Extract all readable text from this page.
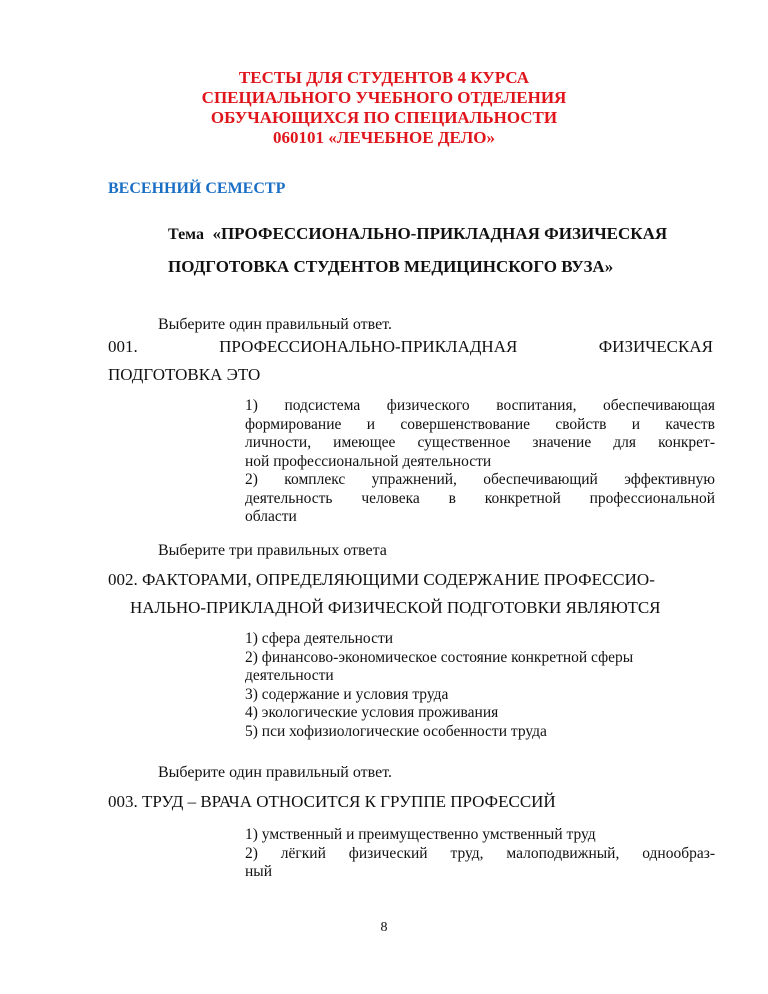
ТЕСТЫ ДЛЯ СТУДЕНТОВ 4 КУРСА
СПЕЦИАЛЬНОГО УЧЕБНОГО ОТДЕЛЕНИЯ
ОБУЧАЮЩИХСЯ ПО СПЕЦИАЛЬНОСТИ
060101 «ЛЕЧЕБНОЕ ДЕЛО»
ВЕСЕННИЙ СЕМЕСТР
Тема «ПРОФЕССИОНАЛЬНО-ПРИКЛАДНАЯ ФИЗИЧЕСКАЯ
ПОДГОТОВКА СТУДЕНТОВ МЕДИЦИНСКОГО ВУЗА»
Выберите один правильный ответ.
001.	ПРОФЕССИОНАЛЬНО-ПРИКЛАДНАЯ	ФИЗИЧЕСКАЯ
ПОДГОТОВКА ЭТО
1) подсистема физического воспитания, обеспечивающая
формирование и совершенствование свойств и качеств
личности, имеющее существенное значение для конкрет-
ной профессиональной деятельности
2) комплекс упражнений, обеспечивающий эффективную
деятельность человека в конкретной профессиональной
области
Выберите три правильных ответа
002. ФАКТОРАМИ, ОПРЕДЕЛЯЮЩИМИ СОДЕРЖАНИЕ ПРОФЕССИО-
НАЛЬНО-ПРИКЛАДНОЙ ФИЗИЧЕСКОЙ ПОДГОТОВКИ ЯВЛЯЮТСЯ
1) сфера деятельности
2) финансово-экономическое состояние конкретной сферы
деятельности
3) содержание и условия труда
4) экологические условия проживания
5) пси хофизиологические особенности труда
Выберите один правильный ответ.
003. ТРУД – ВРАЧА ОТНОСИТСЯ К ГРУППЕ ПРОФЕССИЙ
1) умственный и преимущественно умственный труд
2) лёгкий физический труд, малоподвижный, однообраз-
ный
8
